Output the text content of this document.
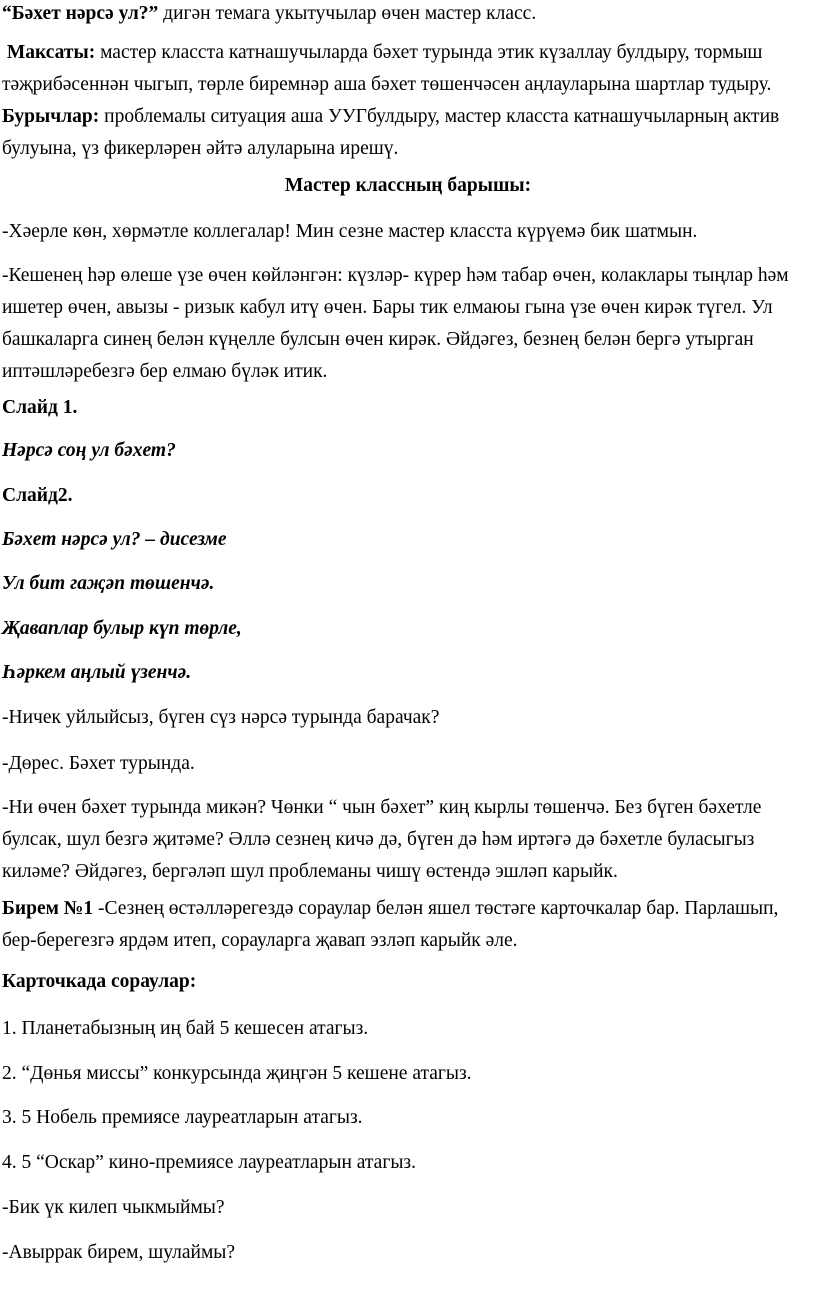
“Бәхет нәрсә ул?” дигән темага укытучылар өчен мастер класс.

Максаты: мастер класста катнашучыларда бәхет турында этик күзаллау булдыру, тормыш тәҗрибәсеннән чыгып, төрле биремнәр аша бәхет төшенчәсен аңлауларына шартлар тудыру. Бурычлар: проблемалы ситуация аша УУГбулдыру, мастер класста катнашучыларның актив булуына, үз фикерләрен әйтә алуларына ирешү.

Мастер классның барышы:

-Хәерле көн, хөрмәтле коллегалар! Мин сезне мастер класста күрүемә бик шатмын.

-Кешенең һәр өлеше үзе өчен көйләнгән: күзләр- күрер һәм табар өчен, колаклары тыңлар һәм ишетер өчен, авызы - ризык кабул итү өчен. Бары тик елмаюы гына үзе өчен кирәк түгел. Ул башкаларга синең белән күңелле булсын өчен кирәк. Әйдәгез, безнең белән бергә утырган иптәшләребезгә бер елмаю бүләк итик.

Слайд 1.

Нәрсә соң ул бәхет?

Слайд2.

Бәхет нәрсә ул? – дисезме

Ул бит гаҗәп төшенчә.

Җаваплар булыр күп төрле,

Һәркем аңлый үзенчә.

-Ничек уйлыйсыз, бүген сүз нәрсә турында барачак?

-Дөрес. Бәхет турында.

-Ни өчен бәхет турында микән? Чөнки “ чын бәхет” киң кырлы төшенчә. Без бүген бәхетле булсак, шул безгә җитәме? Әллә сезнең кичә дә, бүген дә һәм иртәгә дә бәхетле буласыгыз киләме? Әйдәгез, бергәләп шул проблеманы чишү өстендә эшләп карыйк.

Бирем №1 -Сезнең өстәлләрегездә сораулар белән яшел төстәге карточкалар бар. Парлашып, бер-берегезгә ярдәм итеп, сорауларга җавап эзләп карыйк әле.

Карточкада сораулар:

1. Планетабызның иң бай 5 кешесен атагыз.

2. “Дөнья миссы” конкурсында җиңгән 5 кешене атагыз.

3. 5 Нобель премиясе лауреатларын атагыз.

4. 5 “Оскар” кино-премиясе лауреатларын атагыз.

-Бик үк килеп чыкмыймы?

-Авыррак бирем, шулаймы?
